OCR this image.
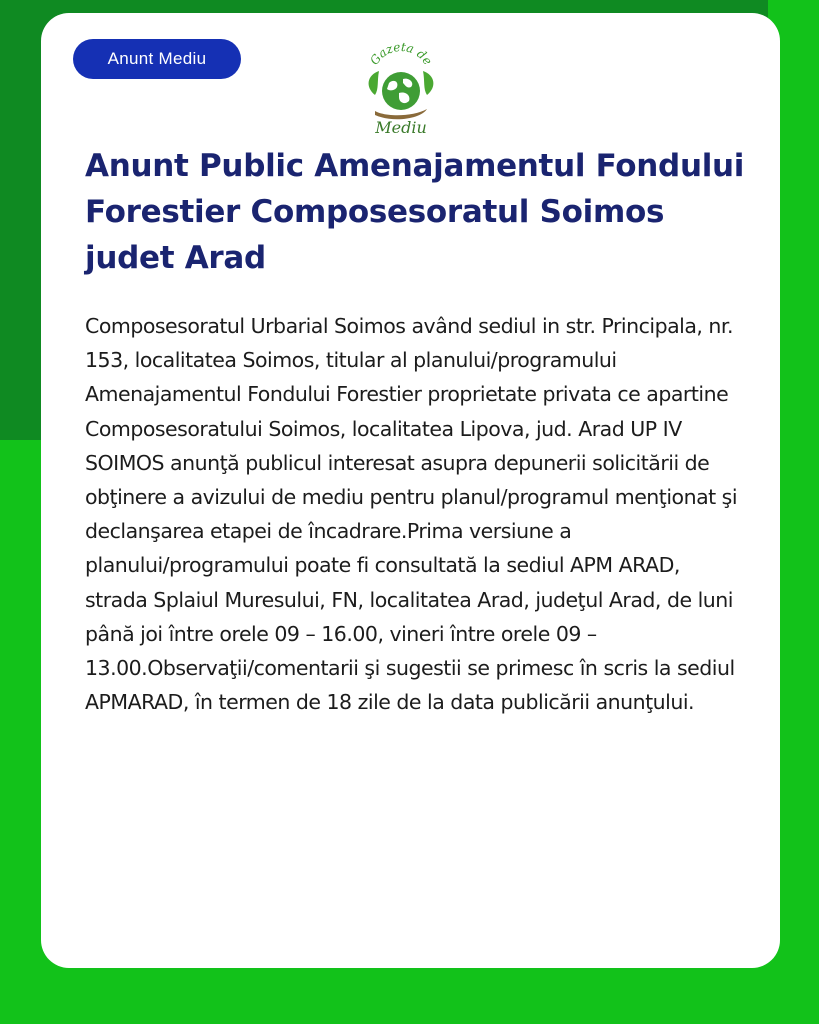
Anunt Mediu	Gazeta de
Mediu
Anunt Public Amenajamentul Fondului Forestier Composesoratul Soimos judet Arad

Composesoratul Urbarial Soimos având sediul in str. Principala, nr. 153, localitatea Soimos, titular al planului/programului Amenajamentul Fondului Forestier proprietate privata ce apartine Composesoratului Soimos, localitatea Lipova, jud. Arad UP IV SOIMOS anunţă publicul interesat asupra depunerii solicitării de obţinere a avizului de mediu pentru planul/programul menţionat şi declanşarea etapei de încadrare.Prima versiune a planului/programului poate fi consultată la sediul APM ARAD, strada Splaiul Muresului, FN, localitatea Arad, judeţul Arad, de luni până joi între orele 09 – 16.00, vineri între orele 09 – 13.00.Observaţii/comentarii şi sugestii se primesc în scris la sediul APMARAD, în termen de 18 zile de la data publicării anunţului.
